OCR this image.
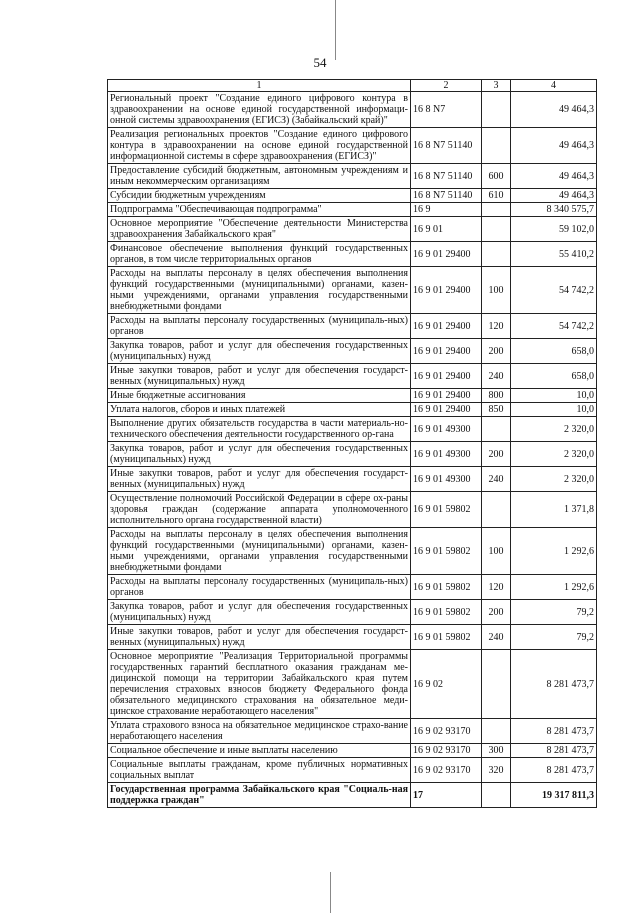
54
1	2	3	4
Региональный проект "Создание единого цифрового контура в здравоохранении на основе единой государственной информаци-онной системы здравоохранения (ЕГИСЗ) (Забайкальский край)"	16 8 N7		49 464,3
Реализация региональных проектов "Создание единого цифрового контура в здравоохранении на основе единой государственной информационной системы в сфере здравоохранения (ЕГИСЗ)"	16 8 N7 51140		49 464,3
Предоставление субсидий бюджетным, автономным учреждениям и иным некоммерческим организациям	16 8 N7 51140	600	49 464,3
Субсидии бюджетным учреждениям	16 8 N7 51140	610	49 464,3
Подпрограмма "Обеспечивающая подпрограмма"	16 9		8 340 575,7
Основное мероприятие "Обеспечение деятельности Министерства здравоохранения Забайкальского края"	16 9 01		59 102,0
Финансовое обеспечение выполнения функций государственных органов, в том числе территориальных органов	16 9 01 29400		55 410,2
Расходы на выплаты персоналу в целях обеспечения выполнения функций государственными (муниципальными) органами, казен-ными учреждениями, органами управления государственными внебюджетными фондами	16 9 01 29400	100	54 742,2
Расходы на выплаты персоналу государственных (муниципаль-ных) органов	16 9 01 29400	120	54 742,2
Закупка товаров, работ и услуг для обеспечения государственных (муниципальных) нужд	16 9 01 29400	200	658,0
Иные закупки товаров, работ и услуг для обеспечения государст-венных (муниципальных) нужд	16 9 01 29400	240	658,0
Иные бюджетные ассигнования	16 9 01 29400	800	10,0
Уплата налогов, сборов и иных платежей	16 9 01 29400	850	10,0
Выполнение других обязательств государства в части материаль-но-технического обеспечения деятельности государственного ор-гана	16 9 01 49300		2 320,0
Закупка товаров, работ и услуг для обеспечения государственных (муниципальных) нужд	16 9 01 49300	200	2 320,0
Иные закупки товаров, работ и услуг для обеспечения государст-венных (муниципальных) нужд	16 9 01 49300	240	2 320,0
Осуществление полномочий Российской Федерации в сфере ох-раны здоровья граждан (содержание аппарата уполномоченного исполнительного органа государственной власти)	16 9 01 59802		1 371,8
Расходы на выплаты персоналу в целях обеспечения выполнения функций государственными (муниципальными) органами, казен-ными учреждениями, органами управления государственными внебюджетными фондами	16 9 01 59802	100	1 292,6
Расходы на выплаты персоналу государственных (муниципаль-ных) органов	16 9 01 59802	120	1 292,6
Закупка товаров, работ и услуг для обеспечения государственных (муниципальных) нужд	16 9 01 59802	200	79,2
Иные закупки товаров, работ и услуг для обеспечения государст-венных (муниципальных) нужд	16 9 01 59802	240	79,2
Основное мероприятие "Реализация Территориальной программы государственных гарантий бесплатного оказания гражданам ме-дицинской помощи на территории Забайкальского края путем перечисления страховых взносов бюджету Федерального фонда обязательного медицинского страхования на обязательное меди-цинское страхование неработающего населения"	16 9 02		8 281 473,7
Уплата страхового взноса на обязательное медицинское страхо-вание неработающего населения	16 9 02 93170		8 281 473,7
Социальное обеспечение и иные выплаты населению	16 9 02 93170	300	8 281 473,7
Социальные выплаты гражданам, кроме публичных нормативных социальных выплат	16 9 02 93170	320	8 281 473,7
Государственная программа Забайкальского края "Социаль-ная поддержка граждан"	17		19 317 811,3
